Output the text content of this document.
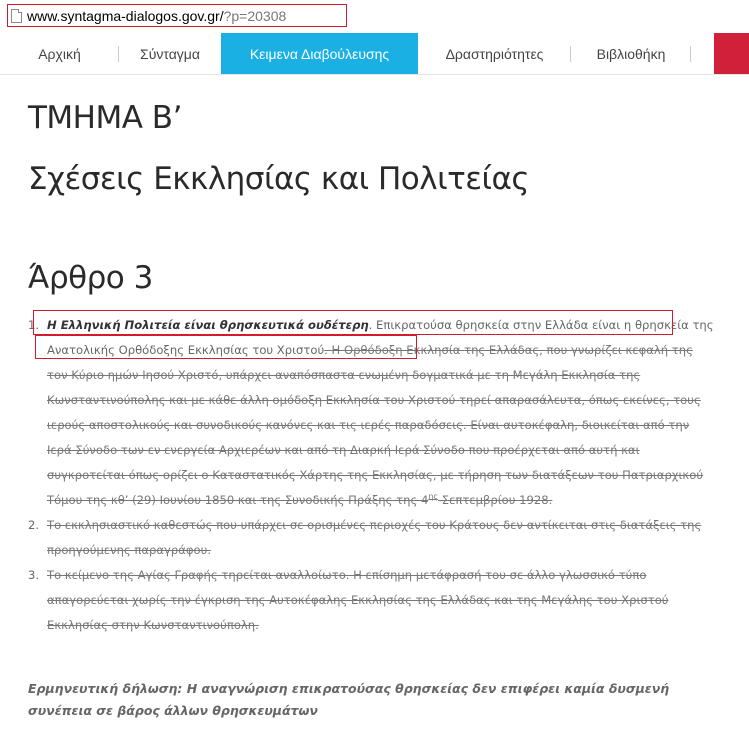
www.syntagma-dialogos.gov.gr/?p=20308
Αρχική	Σύνταγμα	Κειμενα Διαβούλευσης	Δραστηριότητες	Βιβλιοθήκη
ΤΜΗΜΑ Β’
Σχέσεις Εκκλησίας και Πολιτείας
Άρθρο 3
1. Η Ελληνική Πολιτεία είναι θρησκευτικά ουδέτερη. Επικρατούσα θρησκεία στην Ελλάδα είναι η θρησκεία της Ανατολικής Ορθόδοξης Εκκλησίας του Χριστού. Η Ορθόδοξη Εκκλησία της Ελλάδας, που γνωρίζει κεφαλή της τον Κύριο ημών Ιησού Χριστό, υπάρχει αναπόσπαστα ενωμένη δογματικά με τη Μεγάλη Εκκλησία της Κωνσταντινούπολης και με κάθε άλλη ομόδοξη Εκκλησία του Χριστού τηρεί απαρασάλευτα, όπως εκείνες, τους ιερούς αποστολικούς και συνοδικούς κανόνες και τις ιερές παραδόσεις. Είναι αυτοκέφαλη, διοικείται από την Ιερά Σύνοδο των εν ενεργεία Αρχιερέων και από τη Διαρκή Ιερά Σύνοδο που προέρχεται από αυτή και συγκροτείται όπως ορίζει ο Καταστατικός Χάρτης της Εκκλησίας, με τήρηση των διατάξεων του Πατριαρχικού Τόμου της κθ’ (29) Ιουνίου 1850 και της Συνοδικής Πράξης της $4^{\eta\varsigma}$ Σεπτεμβρίου 1928.
2. Το εκκλησιαστικό καθεστώς που υπάρχει σε ορισμένες περιοχές του Κράτους δεν αντίκειται στις διατάξεις της προηγούμενης παραγράφου.
3. Το κείμενο της Αγίας Γραφής τηρείται αναλλοίωτο. Η επίσημη μετάφρασή του σε άλλο γλωσσικό τύπο απαγορεύεται χωρίς την έγκριση της Αυτοκέφαλης Εκκλησίας της Ελλάδας και της Μεγάλης του Χριστού Εκκλησίας στην Κωνσταντινούπολη.
Ερμηνευτική δήλωση: Η αναγνώριση επικρατούσας θρησκείας δεν επιφέρει καμία δυσμενή συνέπεια σε βάρος άλλων θρησκευμάτων
